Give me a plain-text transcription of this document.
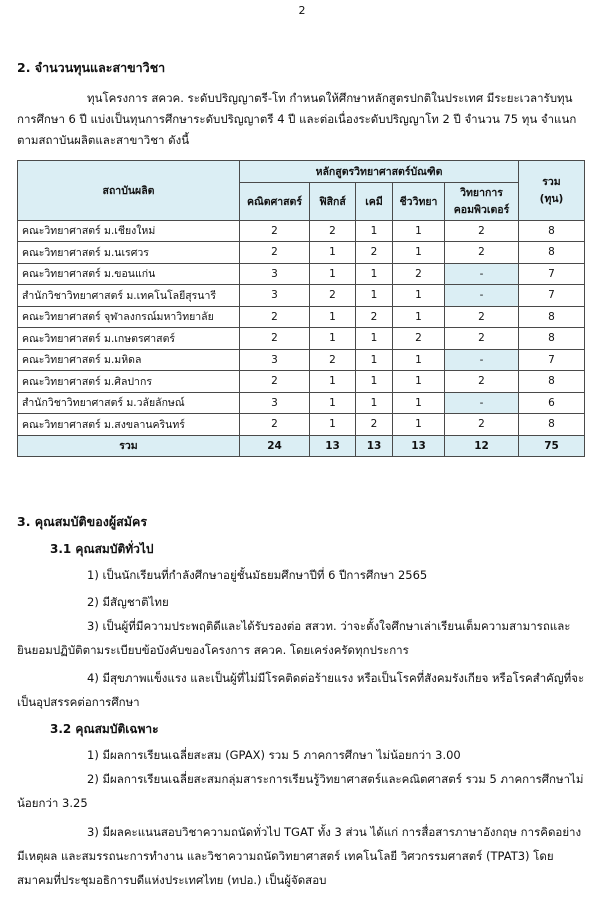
2
2. จำนวนทุนและสาขาวิชา
ทุนโครงการ สควค. ระดับปริญญาตรี-โท กำหนดให้ศึกษาหลักสูตรปกติในประเทศ มีระยะเวลารับทุนการศึกษา 6 ปี แบ่งเป็นทุนการศึกษาระดับปริญญาตรี 4 ปี และต่อเนื่องระดับปริญญาโท 2 ปี จำนวน 75 ทุน จำแนกตามสถาบันผลิตและสาขาวิชา ดังนี้
สถาบันผลิต	หลักสูตรวิทยาศาสตร์บัณฑิต					รวม
(ทุน)

	คณิตศาสตร์	ฟิสิกส์	เคมี	ชีววิทยา	วิทยาการ
คอมพิวเตอร์	

คณะวิทยาศาสตร์ ม.เชียงใหม่	2	2	1	1	2	8
คณะวิทยาศาสตร์ ม.นเรศวร	2	1	2	1	2	8
คณะวิทยาศาสตร์ ม.ขอนแก่น	3	1	1	2	-	7
สำนักวิชาวิทยาศาสตร์ ม.เทคโนโลยีสุรนารี	3	2	1	1	-	7
คณะวิทยาศาสตร์ จุฬาลงกรณ์มหาวิทยาลัย	2	1	2	1	2	8
คณะวิทยาศาสตร์ ม.เกษตรศาสตร์	2	1	1	2	2	8
คณะวิทยาศาสตร์ ม.มหิดล	3	2	1	1	-	7
คณะวิทยาศาสตร์ ม.ศิลปากร	2	1	1	1	2	8
สำนักวิชาวิทยาศาสตร์ ม.วลัยลักษณ์	3	1	1	1	-	6
คณะวิทยาศาสตร์ ม.สงขลานครินทร์	2	1	2	1	2	8
รวม	24	13	13	13	12	75
3. คุณสมบัติของผู้สมัคร
3.1 คุณสมบัติทั่วไป
1) เป็นนักเรียนที่กำลังศึกษาอยู่ชั้นมัธยมศึกษาปีที่ 6 ปีการศึกษา 2565
2) มีสัญชาติไทย
3) เป็นผู้ที่มีความประพฤติดีและได้รับรองต่อ สสวท. ว่าจะตั้งใจศึกษาเล่าเรียนเต็มความสามารถและยินยอมปฏิบัติตามระเบียบข้อบังคับของโครงการ สควค. โดยเคร่งครัดทุกประการ
4) มีสุขภาพแข็งแรง และเป็นผู้ที่ไม่มีโรคติดต่อร้ายแรง หรือเป็นโรคที่สังคมรังเกียจ หรือโรคสำคัญที่จะเป็นอุปสรรคต่อการศึกษา
3.2 คุณสมบัติเฉพาะ
1) มีผลการเรียนเฉลี่ยสะสม (GPAX) รวม 5 ภาคการศึกษา ไม่น้อยกว่า 3.00
2) มีผลการเรียนเฉลี่ยสะสมกลุ่มสาระการเรียนรู้วิทยาศาสตร์และคณิตศาสตร์ รวม 5 ภาคการศึกษาไม่น้อยกว่า 3.25
3) มีผลคะแนนสอบวิชาความถนัดทั่วไป TGAT ทั้ง 3 ส่วน ได้แก่ การสื่อสารภาษาอังกฤษ การคิดอย่างมีเหตุผล และสมรรถนะการทำงาน และวิชาความถนัดวิทยาศาสตร์ เทคโนโลยี วิศวกรรมศาสตร์ (TPAT3) โดยสมาคมที่ประชุมอธิการบดีแห่งประเทศไทย (ทปอ.) เป็นผู้จัดสอบ
